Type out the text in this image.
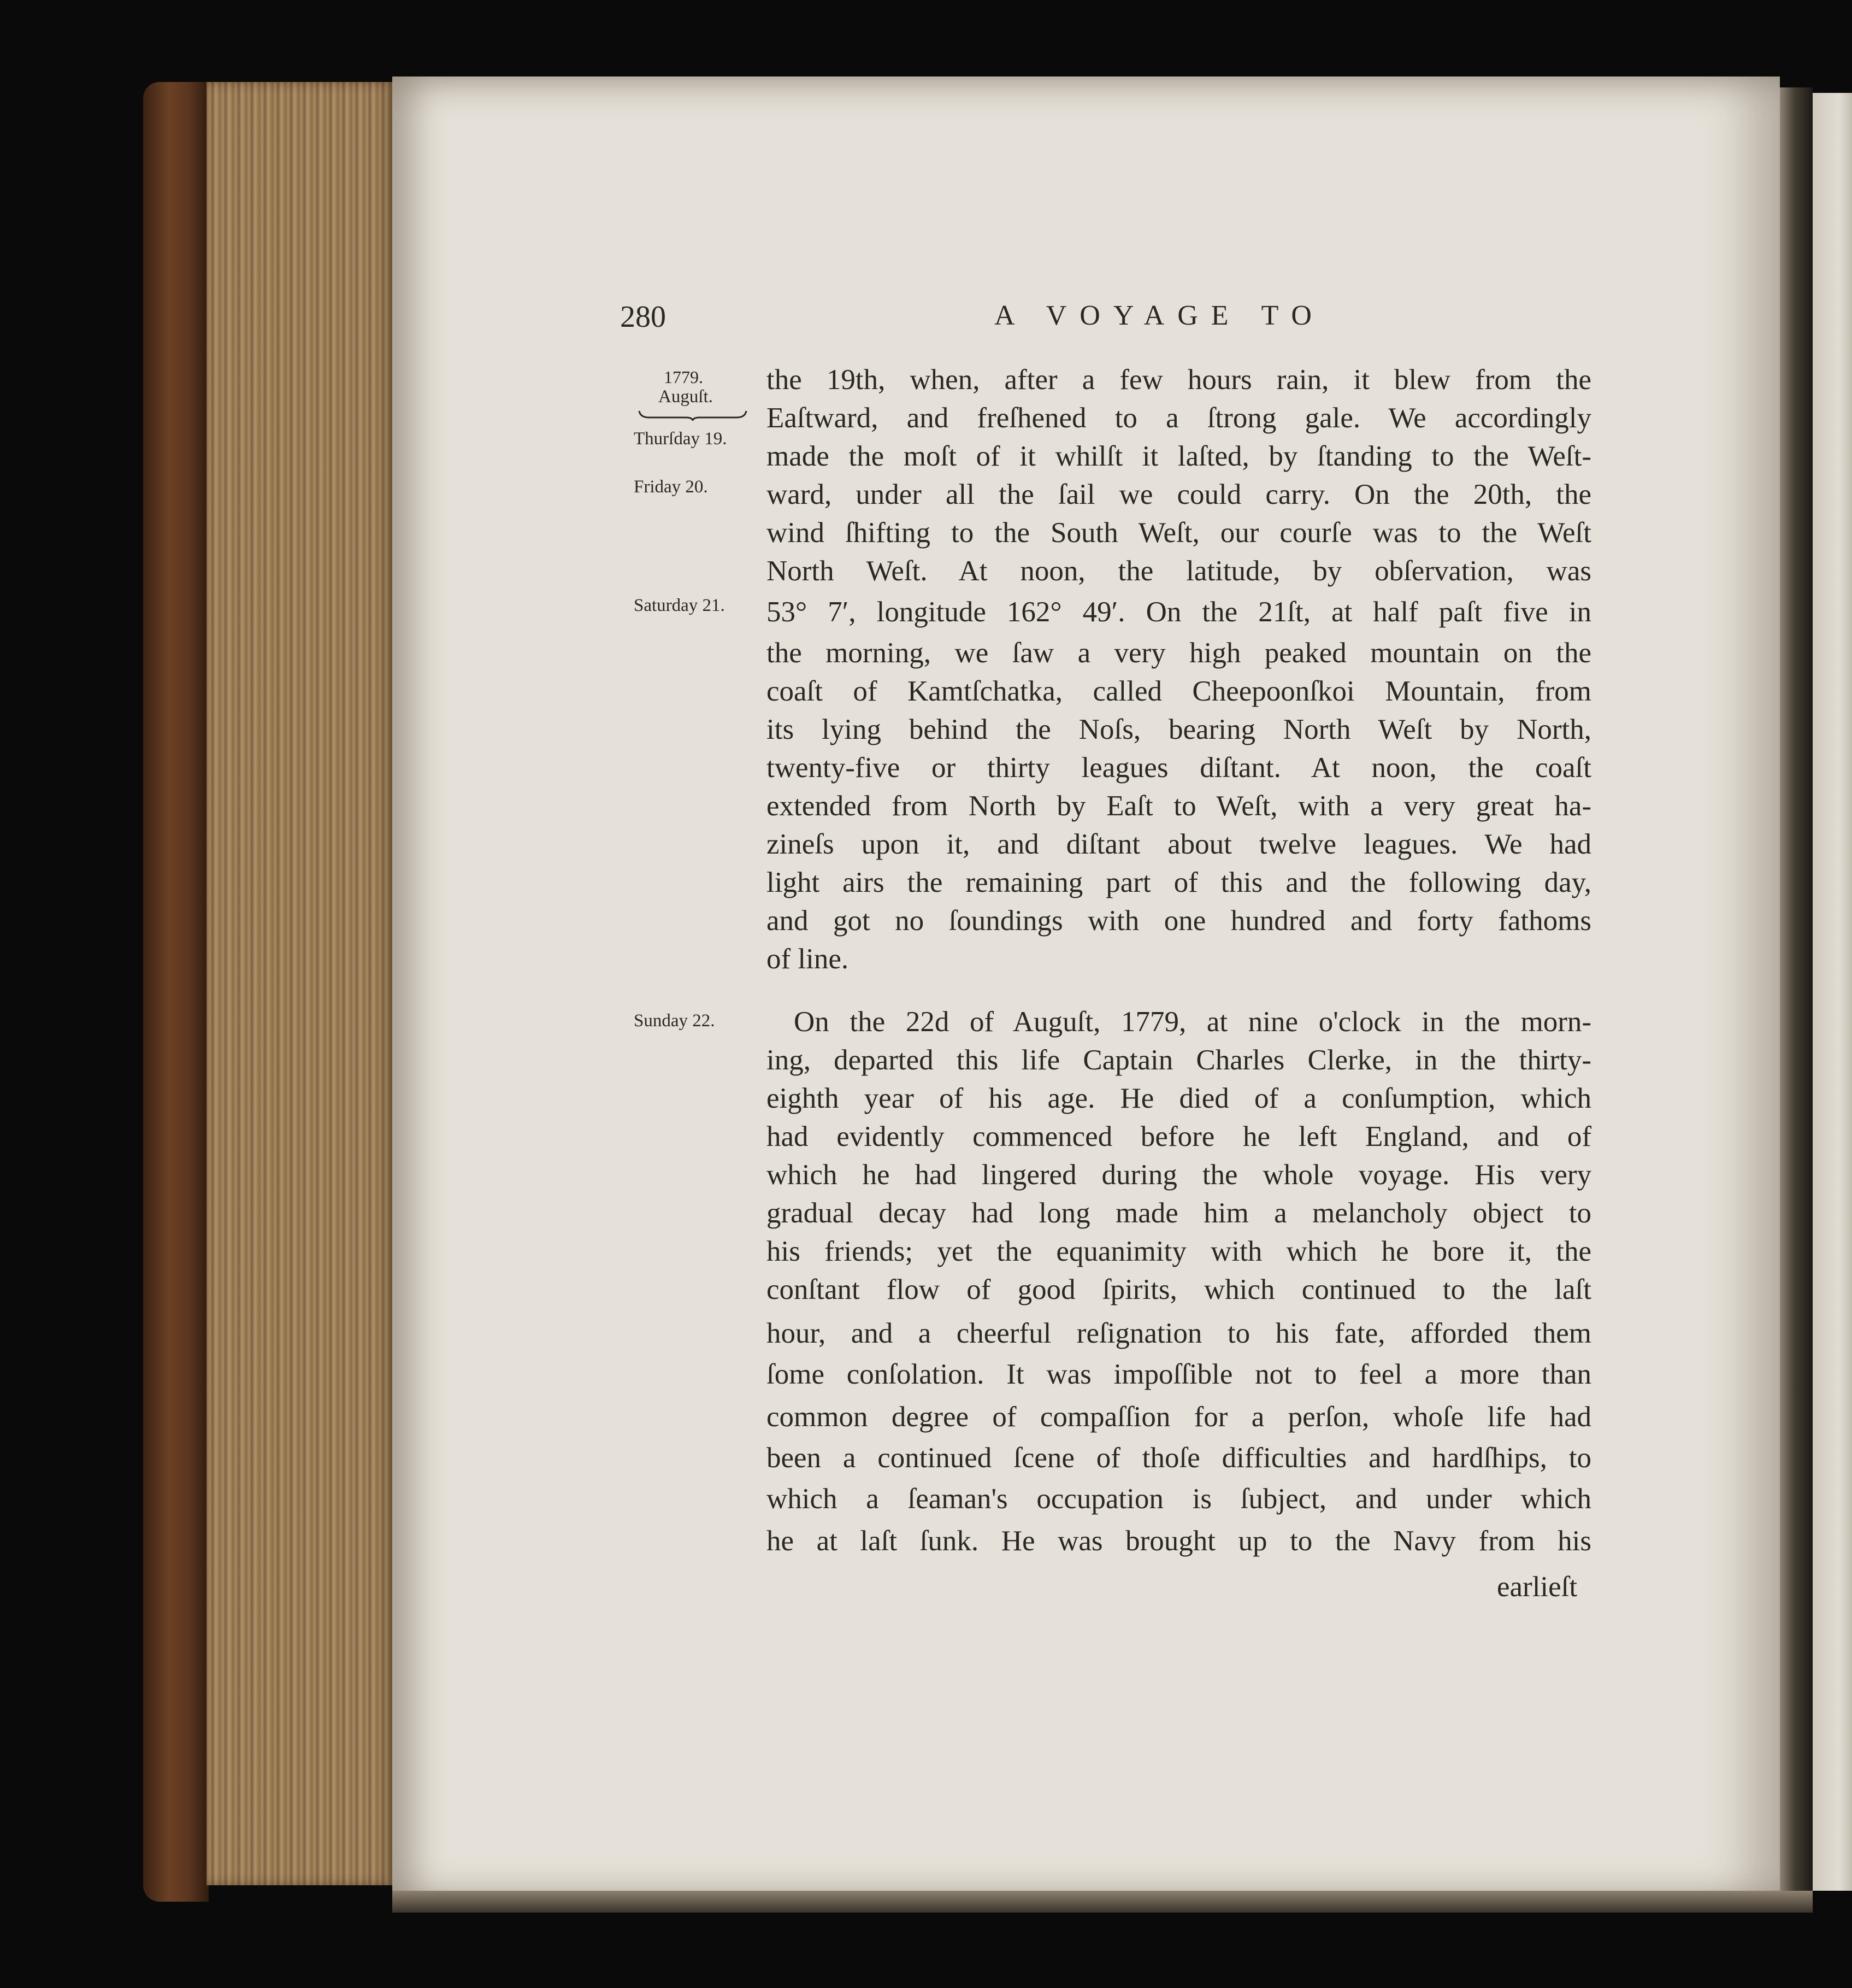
280	A VOYAGE TO
1779.
Auguſt.
Thurſday 19.
Friday 20.
Saturday 21.
Sunday 22.
the 19th, when, after a few hours rain, it blew from the
Eaſtward, and freſhened to a ſtrong gale. We accordingly
made the moſt of it whilſt it laſted, by ſtanding to the Weſt-
ward, under all the ſail we could carry. On the 20th, the
wind ſhifting to the South Weſt, our courſe was to the Weſt
North Weſt. At noon, the latitude, by obſervation, was
53° 7′, longitude 162° 49′. On the 21ſt, at half paſt five in
the morning, we ſaw a very high peaked mountain on the
coaſt of Kamtſchatka, called Cheepoonſkoi Mountain, from
its lying behind the Noſs, bearing North Weſt by North,
twenty-five or thirty leagues diſtant. At noon, the coaſt
extended from North by Eaſt to Weſt, with a very great ha-
zineſs upon it, and diſtant about twelve leagues. We had
light airs the remaining part of this and the following day,
and got no ſoundings with one hundred and forty fathoms
of line.
On the 22d of Auguſt, 1779, at nine o'clock in the morn-
ing, departed this life Captain Charles Clerke, in the thirty-
eighth year of his age. He died of a conſumption, which
had evidently commenced before he left England, and of
which he had lingered during the whole voyage. His very
gradual decay had long made him a melancholy object to
his friends; yet the equanimity with which he bore it, the
conſtant flow of good ſpirits, which continued to the laſt
hour, and a cheerful reſignation to his fate, afforded them
ſome conſolation. It was impoſſible not to feel a more than
common degree of compaſſion for a perſon, whoſe life had
been a continued ſcene of thoſe difficulties and hardſhips, to
which a ſeaman's occupation is ſubject, and under which
he at laſt ſunk. He was brought up to the Navy from his
earlieſt
